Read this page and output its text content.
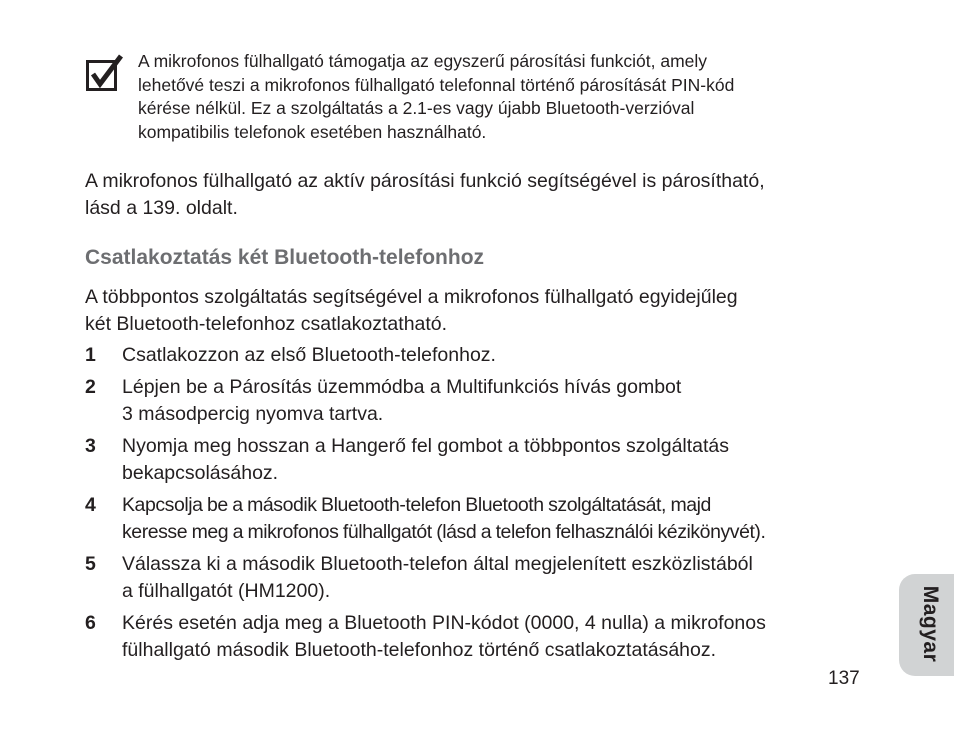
A mikrofonos fülhallgató támogatja az egyszerű párosítási funkciót, amely
lehetővé teszi a mikrofonos fülhallgató telefonnal történő párosítását PIN-kód
kérése nélkül. Ez a szolgáltatás a 2.1-es vagy újabb Bluetooth-verzióval
kompatibilis telefonok esetében használható.

A mikrofonos fülhallgató az aktív párosítási funkció segítségével is párosítható,
lásd a 139. oldalt.

Csatlakoztatás két Bluetooth-telefonhoz

A többpontos szolgáltatás segítségével a mikrofonos fülhallgató egyidejűleg
két Bluetooth-telefonhoz csatlakoztatható.

1 Csatlakozzon az első Bluetooth-telefonhoz.
2 Lépjen be a Párosítás üzemmódba a Multifunkciós hívás gombot
3 másodpercig nyomva tartva.
3 Nyomja meg hosszan a Hangerő fel gombot a többpontos szolgáltatás
bekapcsolásához.
4 Kapcsolja be a második Bluetooth-telefon Bluetooth szolgáltatását, majd
keresse meg a mikrofonos fülhallgatót (lásd a telefon felhasználói kézikönyvét).
5 Válassza ki a második Bluetooth-telefon által megjelenített eszközlistából
a fülhallgatót (HM1200).
6 Kérés esetén adja meg a Bluetooth PIN-kódot (0000, 4 nulla) a mikrofonos
fülhallgató második Bluetooth-telefonhoz történő csatlakoztatásához.	Magyar

137
